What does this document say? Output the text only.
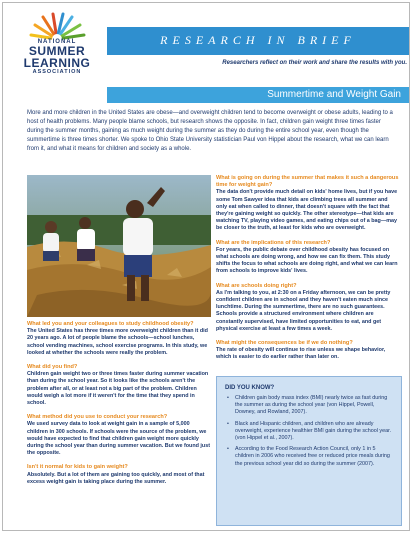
NATIONAL
SUMMER
LEARNING
ASSOCIATION
RESEARCH IN BRIEF
Researchers reflect on their work and share the results with you.
Summertime and Weight Gain

More and more children in the United States are obese—and overweight children tend to become overweight or obese adults, leading to a host of health problems. Many people blame schools, but research shows the opposite. In fact, children gain weight three times faster during the summer months, gaining as much weight during the summer as they do during the entire school year, even though the summertime is three times shorter. We spoke to Ohio State University statistician Paul von Hippel about the research, what we can learn from it, and what it means for children and society as a whole.

What led you and your colleagues to study childhood obesity?
The United States has three times more overweight children than it did 20 years ago. A lot of people blame the schools—school lunches, school vending machines, school exercise programs. In this study, we looked at whether the schools were really the problem.
What did you find?
Children gain weight two or three times faster during summer vacation than during the school year. So it looks like the schools aren't the problem after all, or at least not a big part of the problem. Children would weigh a lot more if it weren't for the time that they spend in school.
What method did you use to conduct your research?
We used survey data to look at weight gain in a sample of 5,000 children in 300 schools. If schools were the source of the problem, we would have expected to find that children gain weight more quickly during the school year than during summer vacation. But we found just the opposite.
Isn't it normal for kids to gain weight?
Absolutely. But a lot of them are gaining too quickly, and most of that excess weight gain is taking place during the summer.
What is going on during the summer that makes it such a dangerous time for weight gain?
The data don't provide much detail on kids' home lives, but if you have some Tom Sawyer idea that kids are climbing trees all summer and only eat when called to dinner, that doesn't square with the fact that they're gaining weight so quickly. The other stereotype—that kids are watching TV, playing video games, and eating chips out of a bag—may be closer to the truth, at least for kids who are overweight.
What are the implications of this research?
For years, the public debate over childhood obesity has focused on what schools are doing wrong, and how we can fix them. This study shifts the focus to what schools are doing right, and what we can learn from schools to improve kids' lives.
What are schools doing right?
As I'm talking to you, at 2:30 on a Friday afternoon, we can be pretty confident children are in school and they haven't eaten much since lunchtime. During the summertime, there are no such guarantees. Schools provide a structured environment where children are constantly supervised, have limited opportunities to eat, and get physical exercise at least a few times a week.
What might the consequences be if we do nothing?
The rate of obesity will continue to rise unless we shape behavior, which is easier to do earlier rather than later on.
DID YOU KNOW?
• Children gain body mass index (BMI) nearly twice as fast during the summer as during the school year (von Hippel, Powell, Downey, and Rowland, 2007).
• Black and Hispanic children, and children who are already overweight, experience healthier BMI gain during the school year. (von Hippel et al., 2007).
• According to the Food Research Action Council, only 1 in 5 children in 2006 who received free or reduced price meals during the previous school year did so during the summer (2007).
